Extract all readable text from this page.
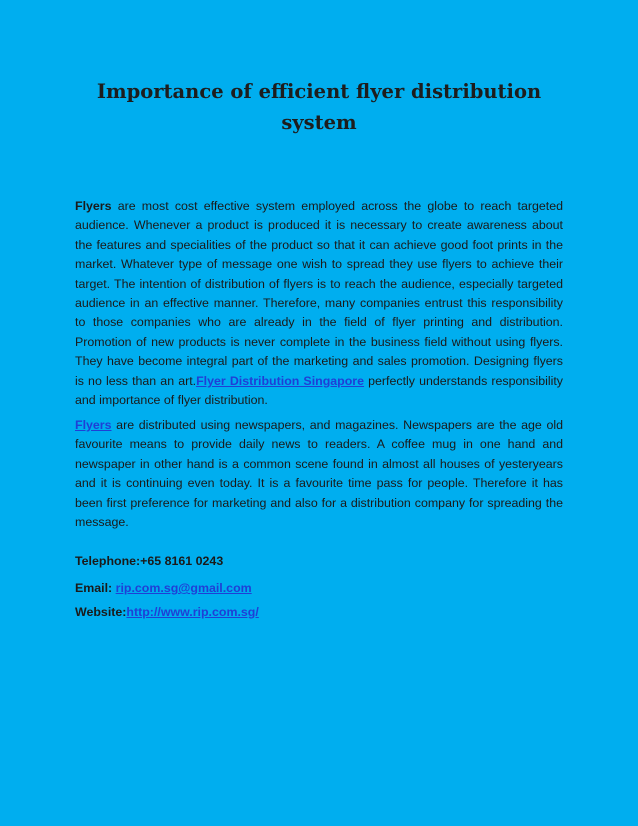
Importance of efficient flyer distribution system

Flyers are most cost effective system employed across the globe to reach targeted audience. Whenever a product is produced it is necessary to create awareness about the features and specialities of the product so that it can achieve good foot prints in the market. Whatever type of message one wish to spread they use flyers to achieve their target. The intention of distribution of flyers is to reach the audience, especially targeted audience in an effective manner. Therefore, many companies entrust this responsibility to those companies who are already in the field of flyer printing and distribution. Promotion of new products is never complete in the business field without using flyers. They have become integral part of the marketing and sales promotion. Designing flyers is no less than an art.Flyer Distribution Singapore perfectly understands responsibility and importance of flyer distribution.

Flyers are distributed using newspapers, and magazines. Newspapers are the age old favourite means to provide daily news to readers. A coffee mug in one hand and newspaper in other hand is a common scene found in almost all houses of yesteryears and it is continuing even today. It is a favourite time pass for people. Therefore it has been first preference for marketing and also for a distribution company for spreading the message.

Telephone:+65 8161 0243

Email: rip.com.sg@gmail.com

Website:http://www.rip.com.sg/
